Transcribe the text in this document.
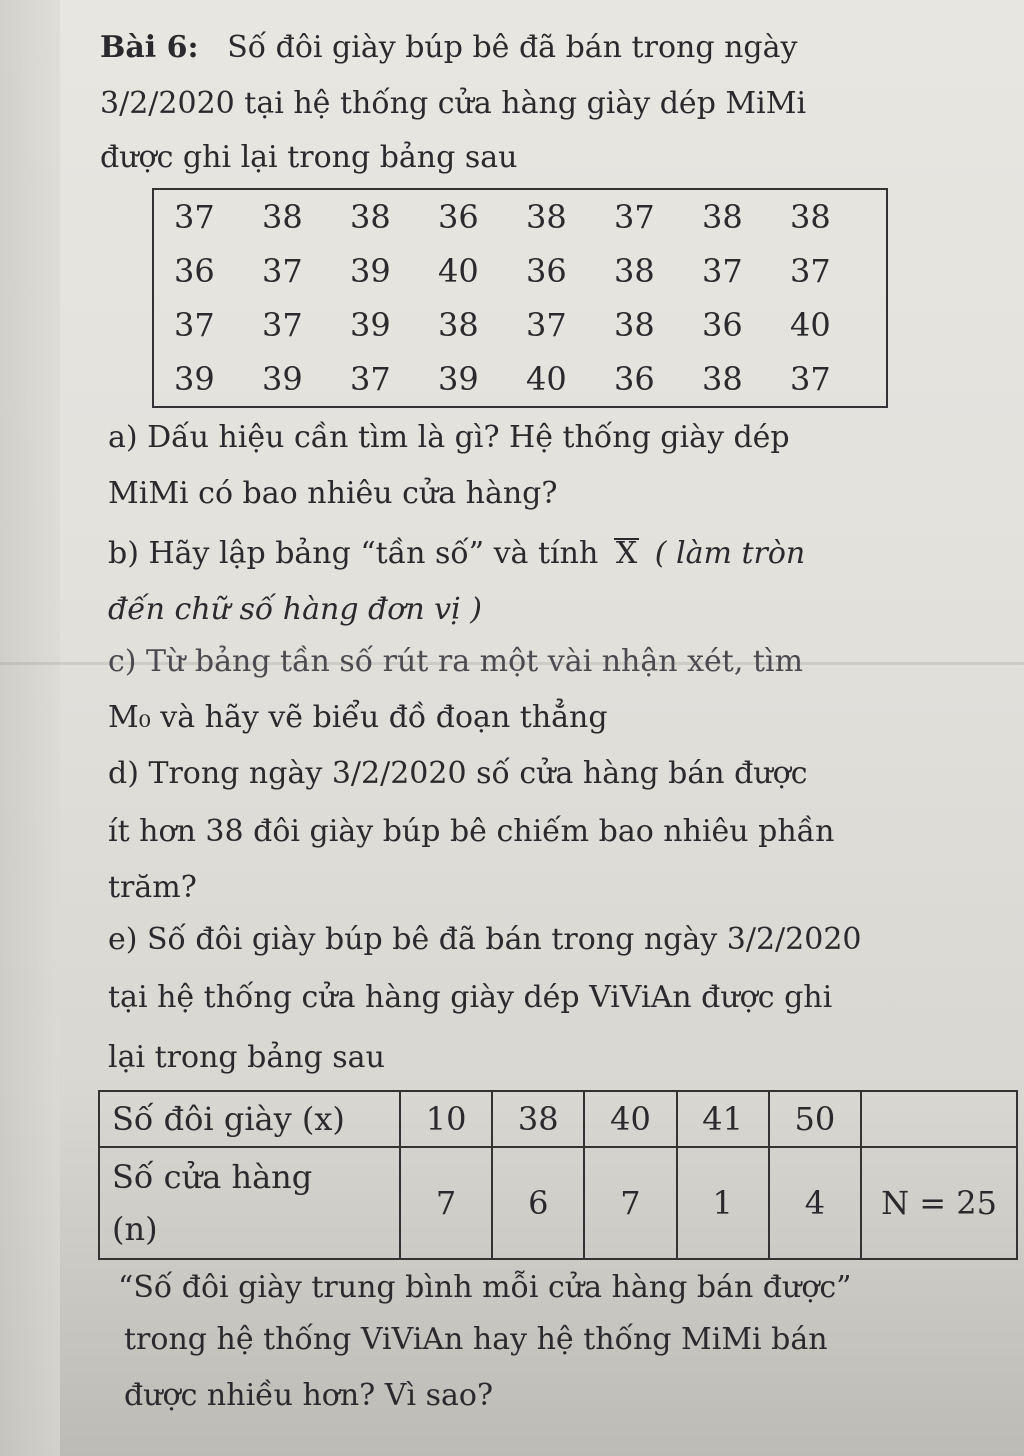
Bài 6: Số đôi giày búp bê đã bán trong ngày
3/2/2020 tại hệ thống cửa hàng giày dép MiMi
được ghi lại trong bảng sau
37	38	38	36	38	37	38	38
36	37	39	40	36	38	37	37
37	37	39	38	37	38	36	40
39	39	37	39	40	36	38	37
a) Dấu hiệu cần tìm là gì? Hệ thống giày dép
MiMi có bao nhiêu cửa hàng?
b) Hãy lập bảng “tần số” và tính X ( làm tròn
đến chữ số hàng đơn vị )
c) Từ bảng tần số rút ra một vài nhận xét, tìm
M₀ và hãy vẽ biểu đồ đoạn thẳng
d) Trong ngày 3/2/2020 số cửa hàng bán được
ít hơn 38 đôi giày búp bê chiếm bao nhiêu phần
trăm?
e) Số đôi giày búp bê đã bán trong ngày 3/2/2020
tại hệ thống cửa hàng giày dép ViViAn được ghi
lại trong bảng sau
Số đôi giày (x)	10	38	40	41	50	

Số cửa hàng
(n)	7	6	7	1	4	N = 25
“Số đôi giày trung bình mỗi cửa hàng bán được”
trong hệ thống ViViAn hay hệ thống MiMi bán
được nhiều hơn? Vì sao?
